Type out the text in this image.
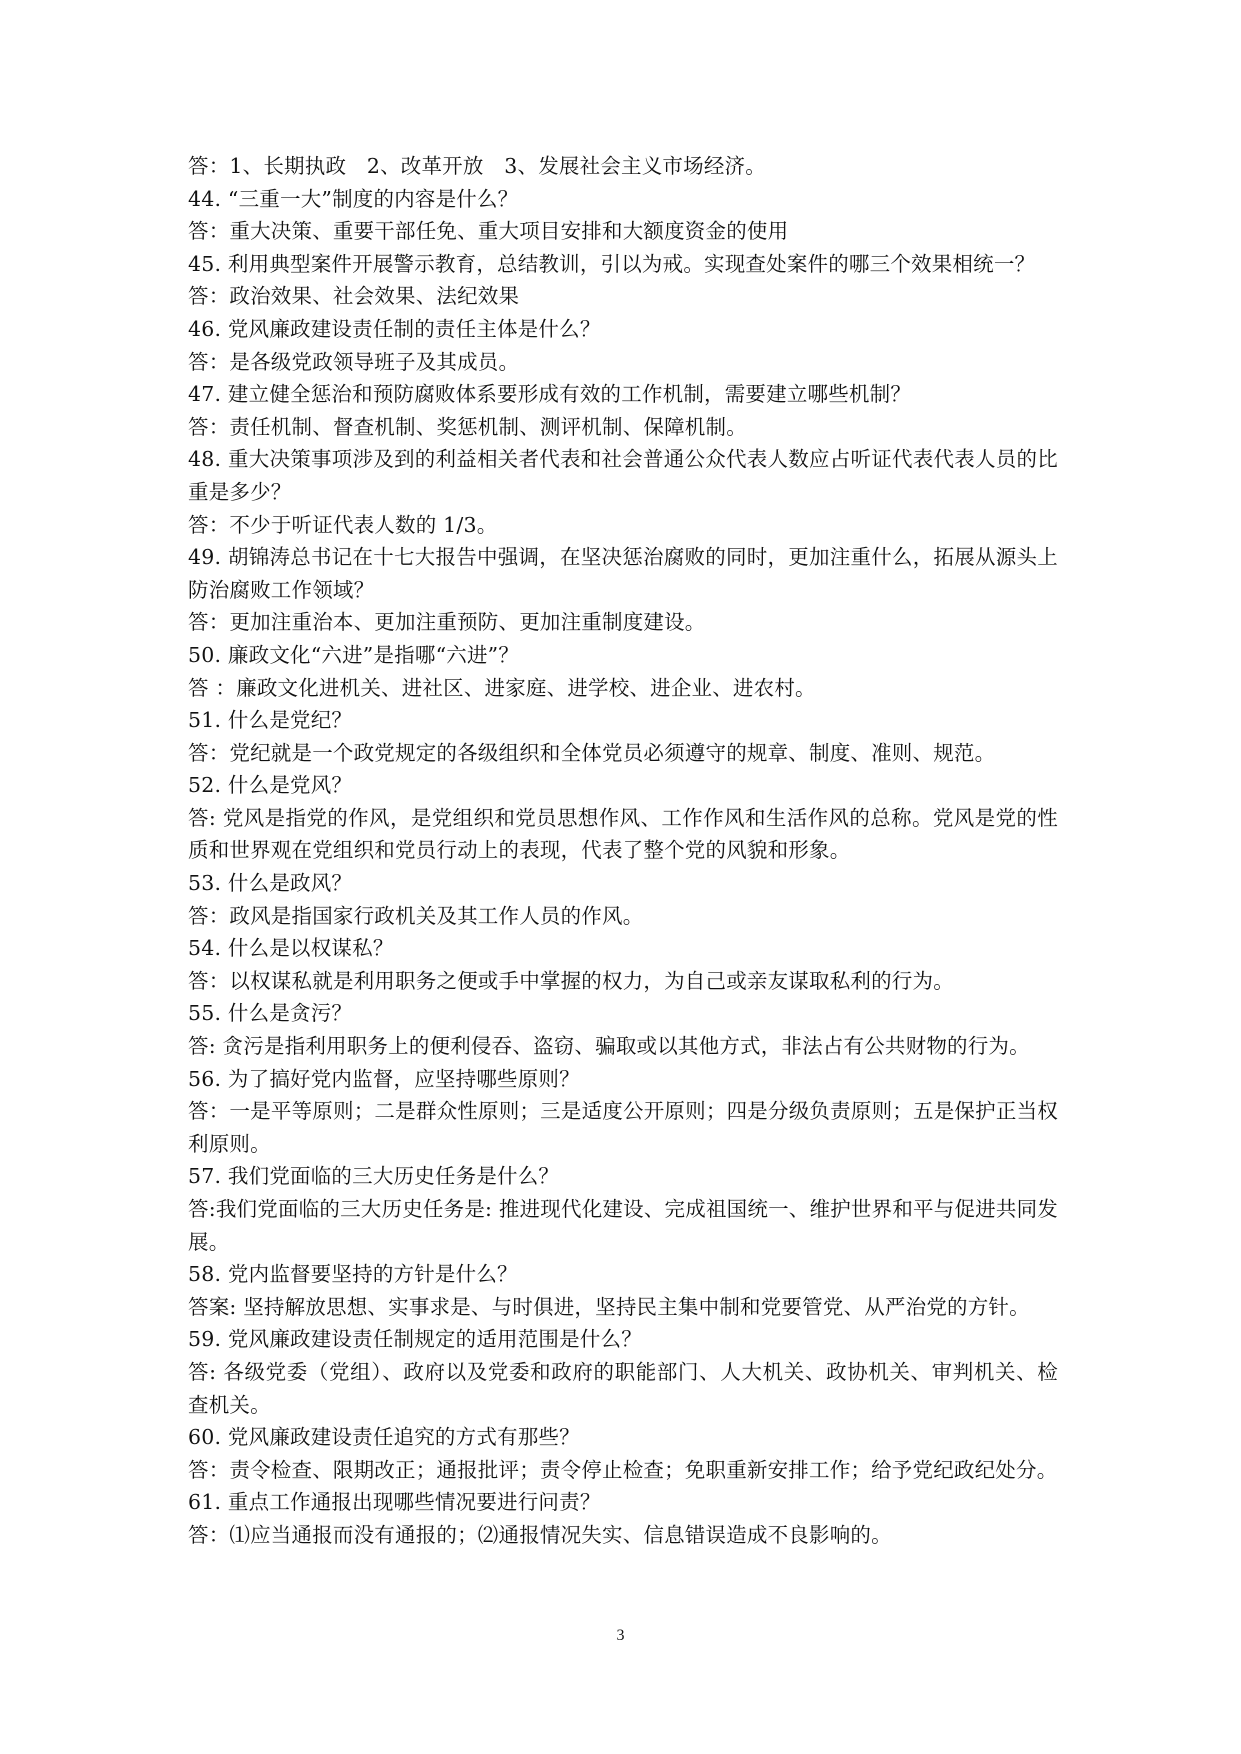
答：1、长期执政　2、改革开放　3、发展社会主义市场经济。

44. “三重一大”制度的内容是什么？

答：重大决策、重要干部任免、重大项目安排和大额度资金的使用

45. 利用典型案件开展警示教育，总结教训，引以为戒。实现查处案件的哪三个效果相统一？

答：政治效果、社会效果、法纪效果

46. 党风廉政建设责任制的责任主体是什么？

答：是各级党政领导班子及其成员。

47. 建立健全惩治和预防腐败体系要形成有效的工作机制，需要建立哪些机制？

答：责任机制、督查机制、奖惩机制、测评机制、保障机制。

48. 重大决策事项涉及到的利益相关者代表和社会普通公众代表人数应占听证代表代表人员的比重是多少？

答：不少于听证代表人数的 1/3。

49. 胡锦涛总书记在十七大报告中强调，在坚决惩治腐败的同时，更加注重什么，拓展从源头上防治腐败工作领域？

答：更加注重治本、更加注重预防、更加注重制度建设。

50. 廉政文化“六进”是指哪“六进”？

答 ：廉政文化进机关、进社区、进家庭、进学校、进企业、进农村。

51. 什么是党纪？

答：党纪就是一个政党规定的各级组织和全体党员必须遵守的规章、制度、准则、规范。

52. 什么是党风？

答: 党风是指党的作风，是党组织和党员思想作风、工作作风和生活作风的总称。党风是党的性质和世界观在党组织和党员行动上的表现，代表了整个党的风貌和形象。

53. 什么是政风？

答：政风是指国家行政机关及其工作人员的作风。

54. 什么是以权谋私？

答：以权谋私就是利用职务之便或手中掌握的权力，为自己或亲友谋取私利的行为。

55. 什么是贪污？

答: 贪污是指利用职务上的便利侵吞、盗窃、骗取或以其他方式，非法占有公共财物的行为。

56. 为了搞好党内监督，应坚持哪些原则？

答：一是平等原则；二是群众性原则；三是适度公开原则；四是分级负责原则；五是保护正当权利原则。

57. 我们党面临的三大历史任务是什么？

答:我们党面临的三大历史任务是: 推进现代化建设、完成祖国统一、维护世界和平与促进共同发展。

58. 党内监督要坚持的方针是什么？

答案: 坚持解放思想、实事求是、与时俱进，坚持民主集中制和党要管党、从严治党的方针。

59. 党风廉政建设责任制规定的适用范围是什么？

答: 各级党委（党组）、政府以及党委和政府的职能部门、人大机关、政协机关、审判机关、检查机关。

60. 党风廉政建设责任追究的方式有那些？

答：责令检查、限期改正；通报批评；责令停止检查；免职重新安排工作；给予党纪政纪处分。

61. 重点工作通报出现哪些情况要进行问责？

答：⑴应当通报而没有通报的；⑵通报情况失实、信息错误造成不良影响的。

3
